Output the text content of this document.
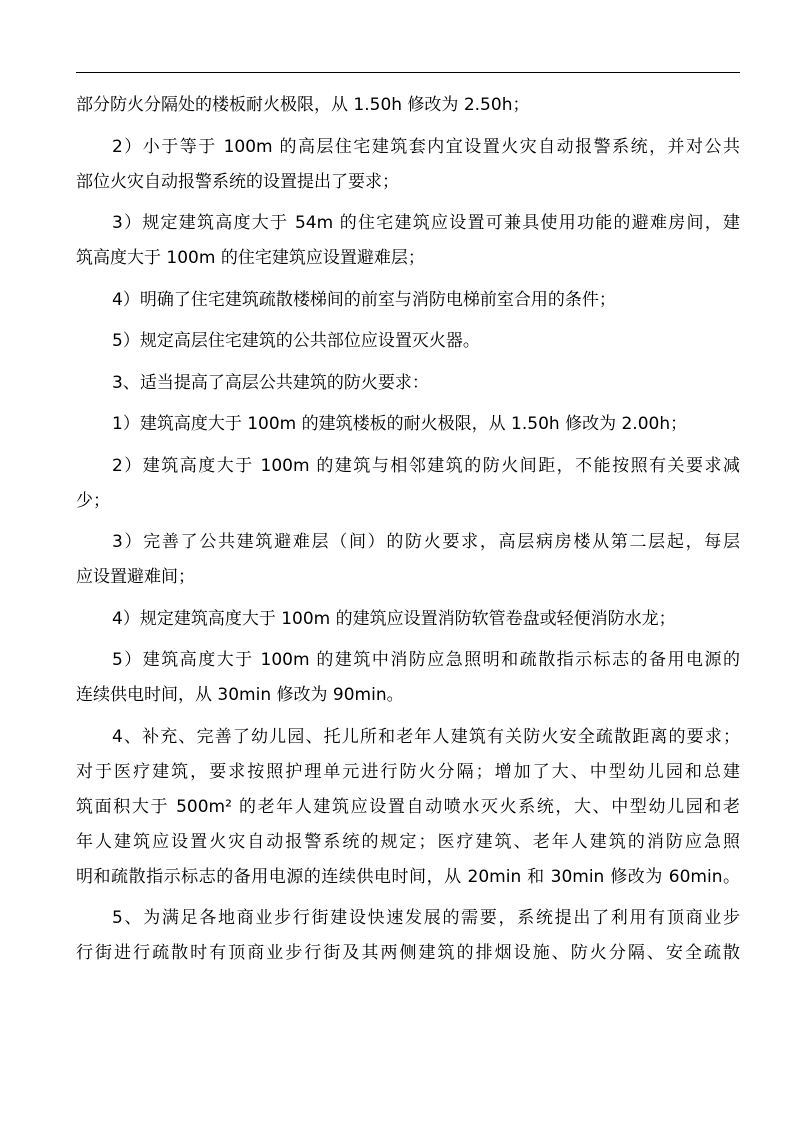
部分防火分隔处的楼板耐火极限，从 1.50h 修改为 2.50h；
2）小于等于 100m 的高层住宅建筑套内宜设置火灾自动报警系统，并对公共
部位火灾自动报警系统的设置提出了要求；
3）规定建筑高度大于 54m 的住宅建筑应设置可兼具使用功能的避难房间，建
筑高度大于 100m 的住宅建筑应设置避难层；
4）明确了住宅建筑疏散楼梯间的前室与消防电梯前室合用的条件；
5）规定高层住宅建筑的公共部位应设置灭火器。
3、适当提高了高层公共建筑的防火要求：
1）建筑高度大于 100m 的建筑楼板的耐火极限，从 1.50h 修改为 2.00h；
2）建筑高度大于 100m 的建筑与相邻建筑的防火间距，不能按照有关要求减
少；
3）完善了公共建筑避难层（间）的防火要求，高层病房楼从第二层起，每层
应设置避难间；
4）规定建筑高度大于 100m 的建筑应设置消防软管卷盘或轻便消防水龙；
5）建筑高度大于 100m 的建筑中消防应急照明和疏散指示标志的备用电源的
连续供电时间，从 30min 修改为 90min。
4、补充、完善了幼儿园、托儿所和老年人建筑有关防火安全疏散距离的要求；
对于医疗建筑，要求按照护理单元进行防火分隔；增加了大、中型幼儿园和总建
筑面积大于 500m² 的老年人建筑应设置自动喷水灭火系统，大、中型幼儿园和老
年人建筑应设置火灾自动报警系统的规定；医疗建筑、老年人建筑的消防应急照
明和疏散指示标志的备用电源的连续供电时间，从 20min 和 30min 修改为 60min。
5、为满足各地商业步行街建设快速发展的需要，系统提出了利用有顶商业步
行街进行疏散时有顶商业步行街及其两侧建筑的排烟设施、防火分隔、安全疏散
